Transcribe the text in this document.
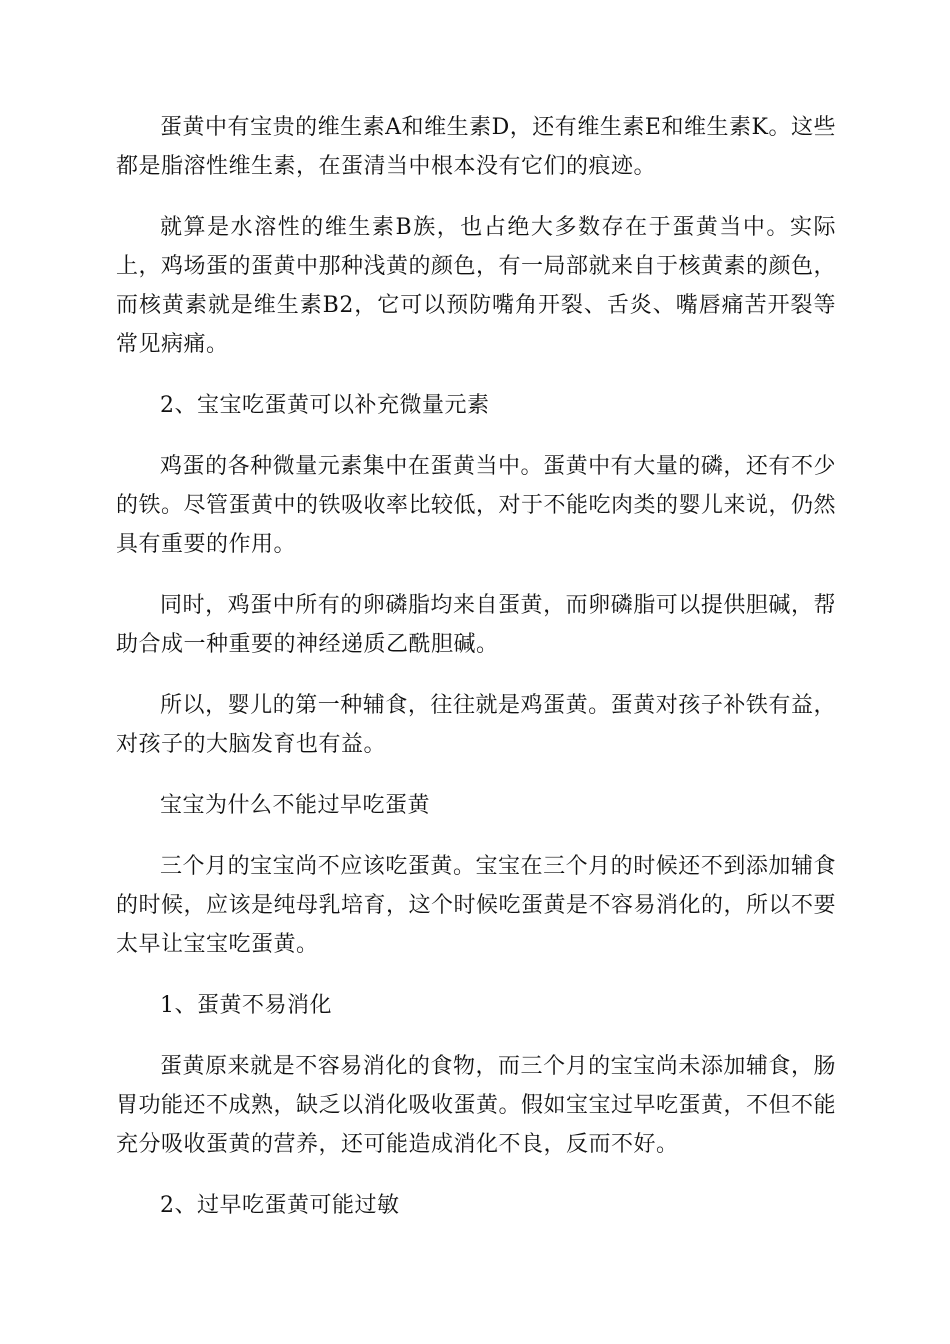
蛋黄中有宝贵的维生素A和维生素D，还有维生素E和维生素K。这些都是脂溶性维生素，在蛋清当中根本没有它们的痕迹。

就算是水溶性的维生素B族，也占绝大多数存在于蛋黄当中。实际上，鸡场蛋的蛋黄中那种浅黄的颜色，有一局部就来自于核黄素的颜色，而核黄素就是维生素B2，它可以预防嘴角开裂、舌炎、嘴唇痛苦开裂等常见病痛。

2、宝宝吃蛋黄可以补充微量元素

鸡蛋的各种微量元素集中在蛋黄当中。蛋黄中有大量的磷，还有不少的铁。尽管蛋黄中的铁吸收率比较低，对于不能吃肉类的婴儿来说，仍然具有重要的作用。

同时，鸡蛋中所有的卵磷脂均来自蛋黄，而卵磷脂可以提供胆碱，帮助合成一种重要的神经递质乙酰胆碱。

所以，婴儿的第一种辅食，往往就是鸡蛋黄。蛋黄对孩子补铁有益，对孩子的大脑发育也有益。

宝宝为什么不能过早吃蛋黄

三个月的宝宝尚不应该吃蛋黄。宝宝在三个月的时候还不到添加辅食的时候，应该是纯母乳培育，这个时候吃蛋黄是不容易消化的，所以不要太早让宝宝吃蛋黄。

1、蛋黄不易消化

蛋黄原来就是不容易消化的食物，而三个月的宝宝尚未添加辅食，肠胃功能还不成熟，缺乏以消化吸收蛋黄。假如宝宝过早吃蛋黄，不但不能充分吸收蛋黄的营养，还可能造成消化不良，反而不好。

2、过早吃蛋黄可能过敏
